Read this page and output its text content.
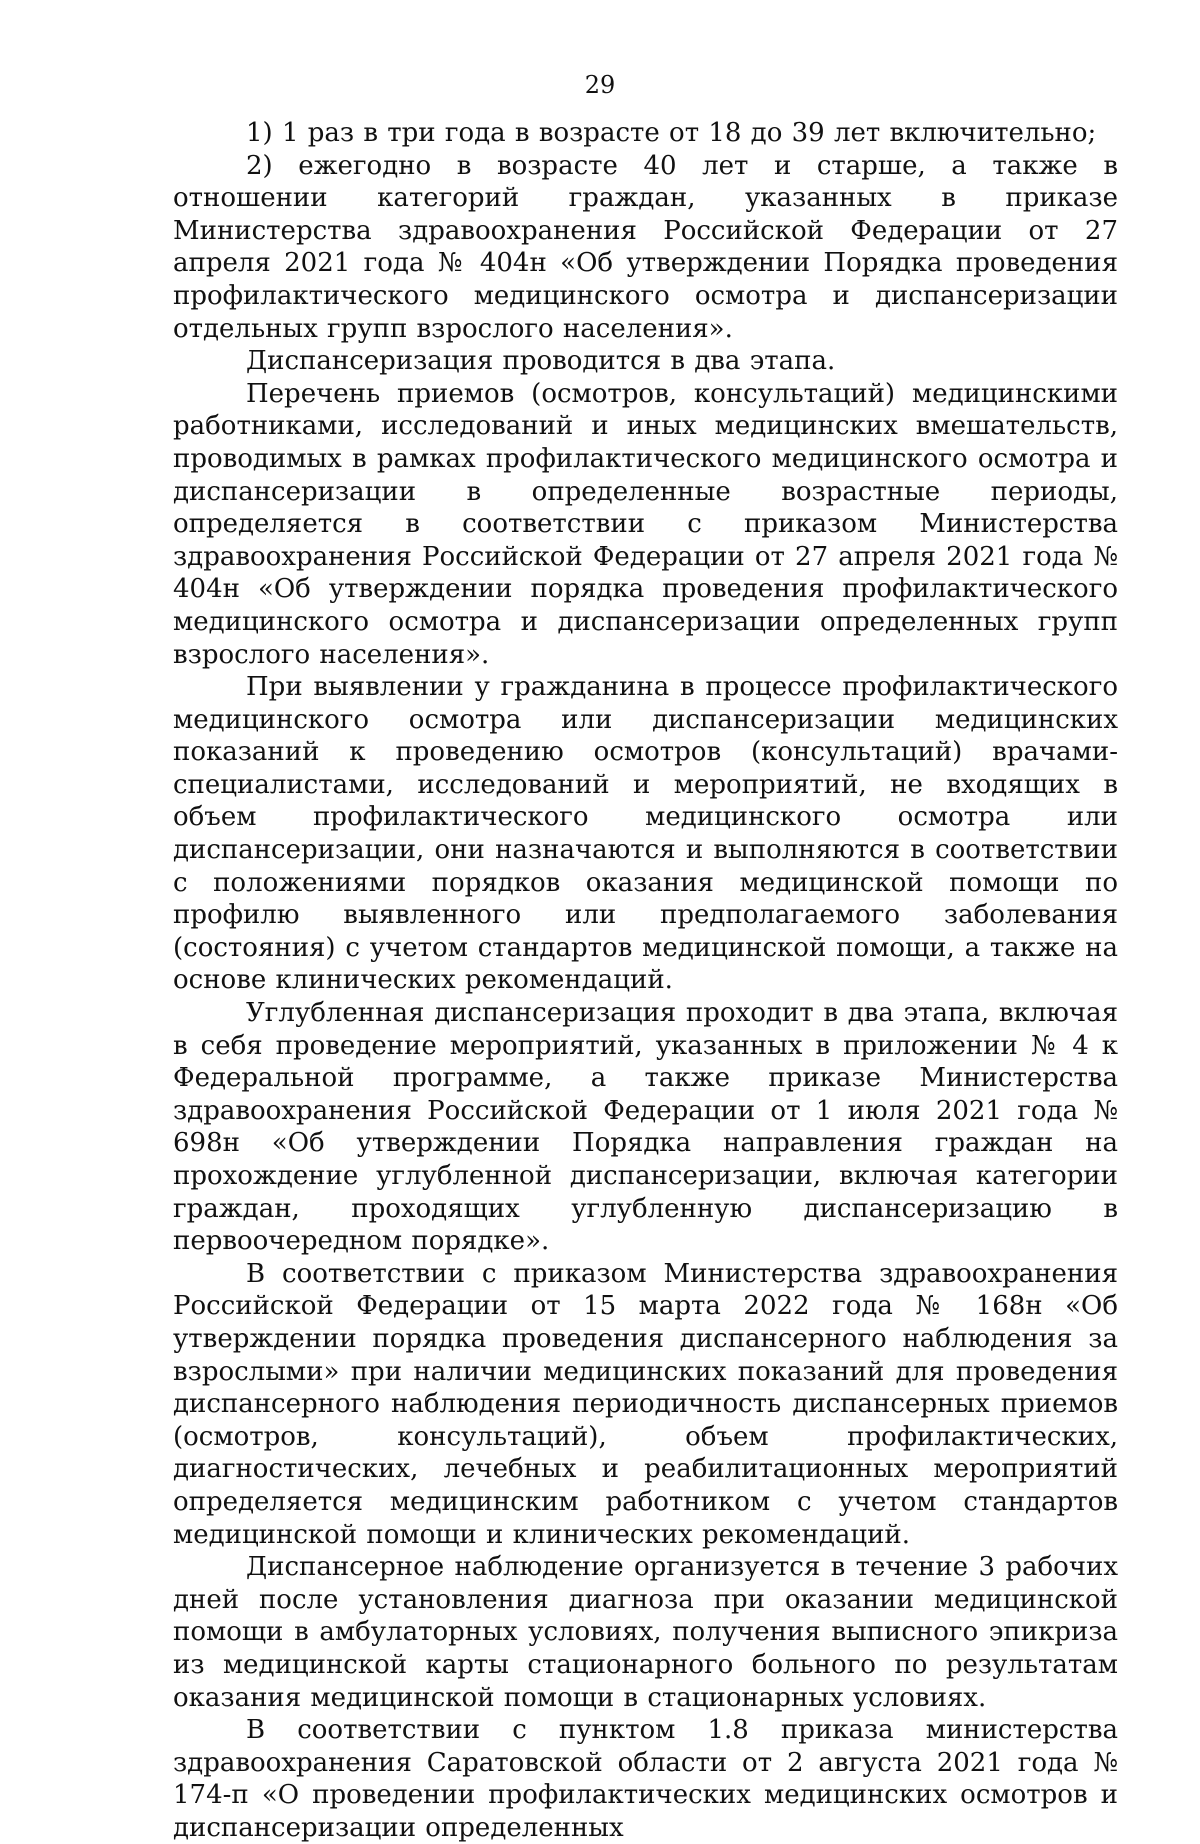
29

1) 1 раз в три года в возрасте от 18 до 39 лет включительно;

2) ежегодно в возрасте 40 лет и старше, а также в отношении категорий граждан, указанных в приказе Министерства здравоохранения Российской Федерации от 27 апреля 2021 года № 404н «Об утверждении Порядка проведения профилактического медицинского осмотра и диспансеризации отдельных групп взрослого населения».

Диспансеризация проводится в два этапа.

Перечень приемов (осмотров, консультаций) медицинскими работниками, исследований и иных медицинских вмешательств, проводимых в рамках профилактического медицинского осмотра и диспансеризации в определенные возрастные периоды, определяется в соответствии с приказом Министерства здравоохранения Российской Федерации от 27 апреля 2021 года № 404н «Об утверждении порядка проведения профилактического медицинского осмотра и диспансеризации определенных групп взрослого населения».

При выявлении у гражданина в процессе профилактического медицинского осмотра или диспансеризации медицинских показаний к проведению осмотров (консультаций) врачами-специалистами, исследований и мероприятий, не входящих в объем профилактического медицинского осмотра или диспансеризации, они назначаются и выполняются в соответствии с положениями порядков оказания медицинской помощи по профилю выявленного или предполагаемого заболевания (состояния) с учетом стандартов медицинской помощи, а также на основе клинических рекомендаций.

Углубленная диспансеризация проходит в два этапа, включая в себя проведение мероприятий, указанных в приложении № 4 к Федеральной программе, а также приказе Министерства здравоохранения Российской Федерации от 1 июля 2021 года № 698н «Об утверждении Порядка направления граждан на прохождение углубленной диспансеризации, включая категории граждан, проходящих углубленную диспансеризацию в первоочередном порядке».

В соответствии с приказом Министерства здравоохранения Российской Федерации от 15 марта 2022 года № 168н «Об утверждении порядка проведения диспансерного наблюдения за взрослыми» при наличии медицинских показаний для проведения диспансерного наблюдения периодичность диспансерных приемов (осмотров, консультаций), объем профилактических, диагностических, лечебных и реабилитационных мероприятий определяется медицинским работником с учетом стандартов медицинской помощи и клинических рекомендаций.

Диспансерное наблюдение организуется в течение 3 рабочих дней после установления диагноза при оказании медицинской помощи в амбулаторных условиях, получения выписного эпикриза из медицинской карты стационарного больного по результатам оказания медицинской помощи в стационарных условиях.

В соответствии с пунктом 1.8 приказа министерства здравоохранения Саратовской области от 2 августа 2021 года № 174-п «О проведении профилактических медицинских осмотров и диспансеризации определенных
